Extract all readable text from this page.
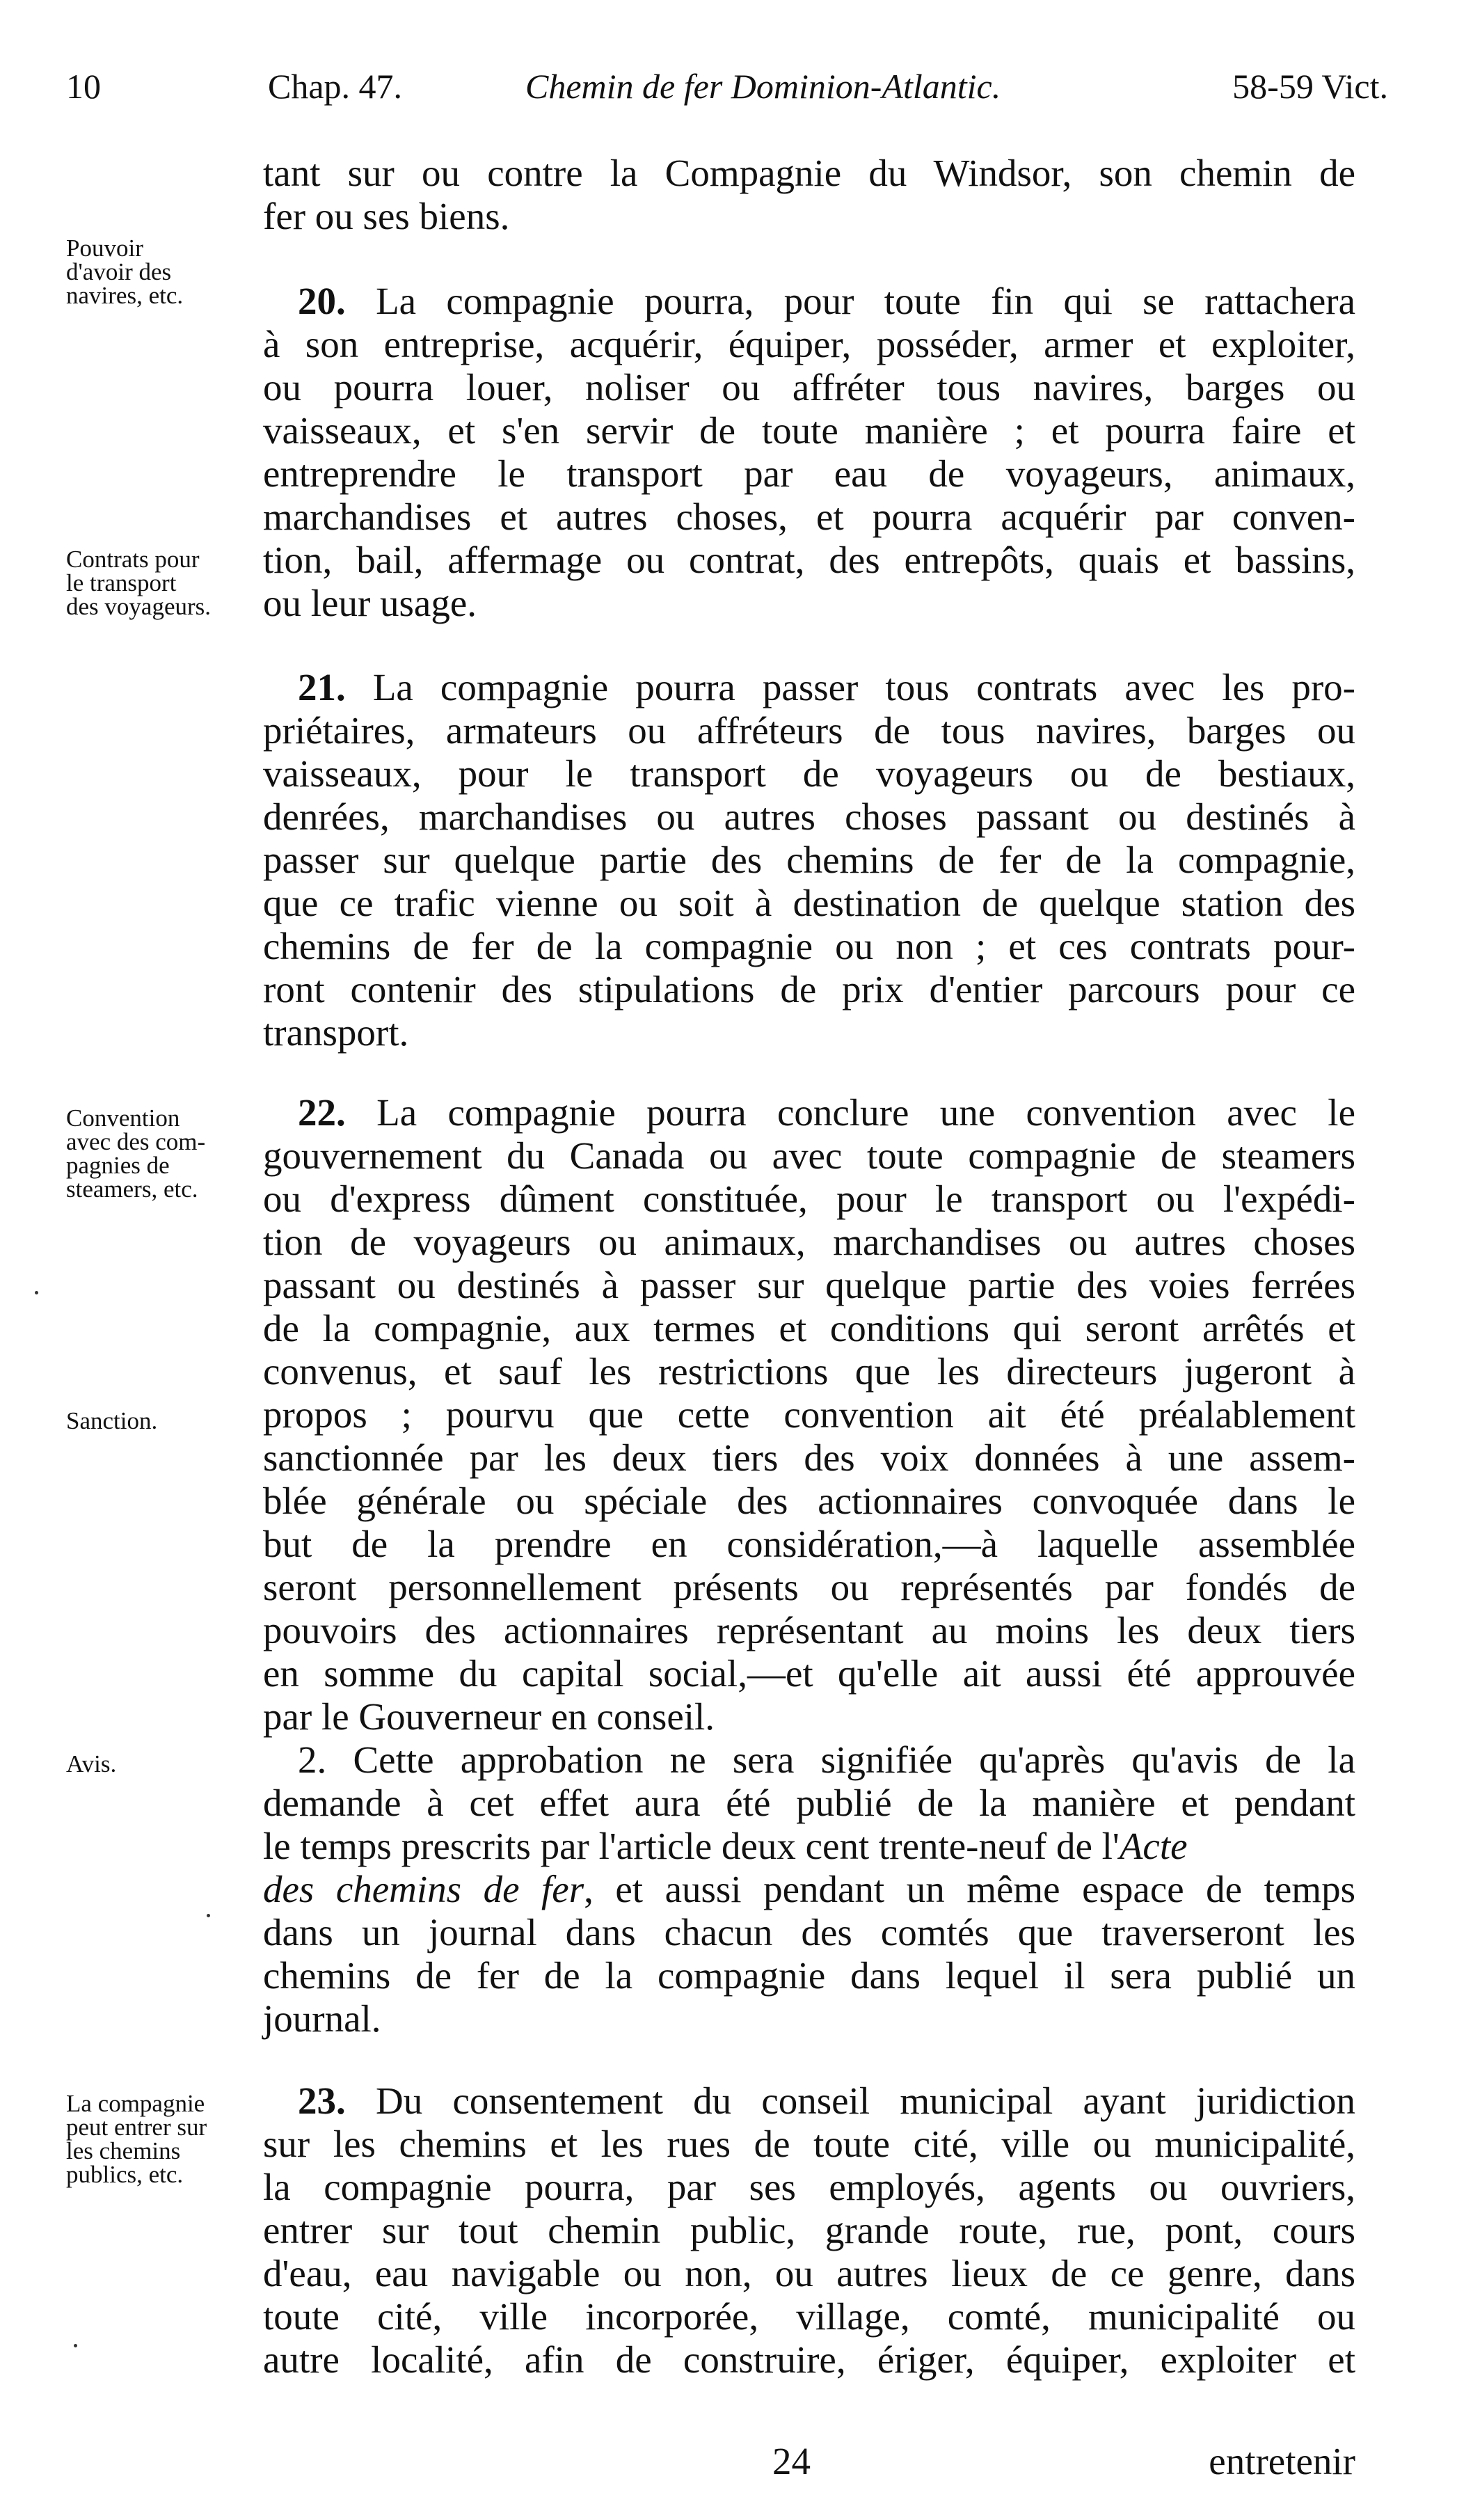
10	Chap. 47.	Chemin de fer Dominion-Atlantic.	58-59 Vict.
Pouvoir
d'avoir des
navires, etc.
Contrats pour
le transport
des voyageurs.
Convention
avec des com-
pagnies de
steamers, etc.
Sanction.
Avis.
La compagnie
peut entrer sur
les chemins
publics, etc.
tant sur ou contre la Compagnie du Windsor, son chemin de
fer ou ses biens.
20. La compagnie pourra, pour toute fin qui se rattachera
à son entreprise, acquérir, équiper, posséder, armer et exploiter,
ou pourra louer, noliser ou affréter tous navires, barges ou
vaisseaux, et s'en servir de toute manière ; et pourra faire et
entreprendre le transport par eau de voyageurs, animaux,
marchandises et autres choses, et pourra acquérir par conven-
tion, bail, affermage ou contrat, des entrepôts, quais et bassins,
ou leur usage.
21. La compagnie pourra passer tous contrats avec les pro-
priétaires, armateurs ou affréteurs de tous navires, barges ou
vaisseaux, pour le transport de voyageurs ou de bestiaux,
denrées, marchandises ou autres choses passant ou destinés à
passer sur quelque partie des chemins de fer de la compagnie,
que ce trafic vienne ou soit à destination de quelque station des
chemins de fer de la compagnie ou non ; et ces contrats pour-
ront contenir des stipulations de prix d'entier parcours pour ce
transport.
22. La compagnie pourra conclure une convention avec le
gouvernement du Canada ou avec toute compagnie de steamers
ou d'express dûment constituée, pour le transport ou l'expédi-
tion de voyageurs ou animaux, marchandises ou autres choses
passant ou destinés à passer sur quelque partie des voies ferrées
de la compagnie, aux termes et conditions qui seront arrêtés et
convenus, et sauf les restrictions que les directeurs jugeront à
propos ; pourvu que cette convention ait été préalablement
sanctionnée par les deux tiers des voix données à une assem-
blée générale ou spéciale des actionnaires convoquée dans le
but de la prendre en considération,—à laquelle assemblée
seront personnellement présents ou représentés par fondés de
pouvoirs des actionnaires représentant au moins les deux tiers
en somme du capital social,—et qu'elle ait aussi été approuvée
par le Gouverneur en conseil.
2. Cette approbation ne sera signifiée qu'après qu'avis de la
demande à cet effet aura été publié de la manière et pendant
le temps prescrits par l'article deux cent trente-neuf de l'Acte
des chemins de fer, et aussi pendant un même espace de temps
dans un journal dans chacun des comtés que traverseront les
chemins de fer de la compagnie dans lequel il sera publié un
journal.
23. Du consentement du conseil municipal ayant juridiction
sur les chemins et les rues de toute cité, ville ou municipalité,
la compagnie pourra, par ses employés, agents ou ouvriers,
entrer sur tout chemin public, grande route, rue, pont, cours
d'eau, eau navigable ou non, ou autres lieux de ce genre, dans
toute cité, ville incorporée, village, comté, municipalité ou
autre localité, afin de construire, ériger, équiper, exploiter et
24	entretenir
